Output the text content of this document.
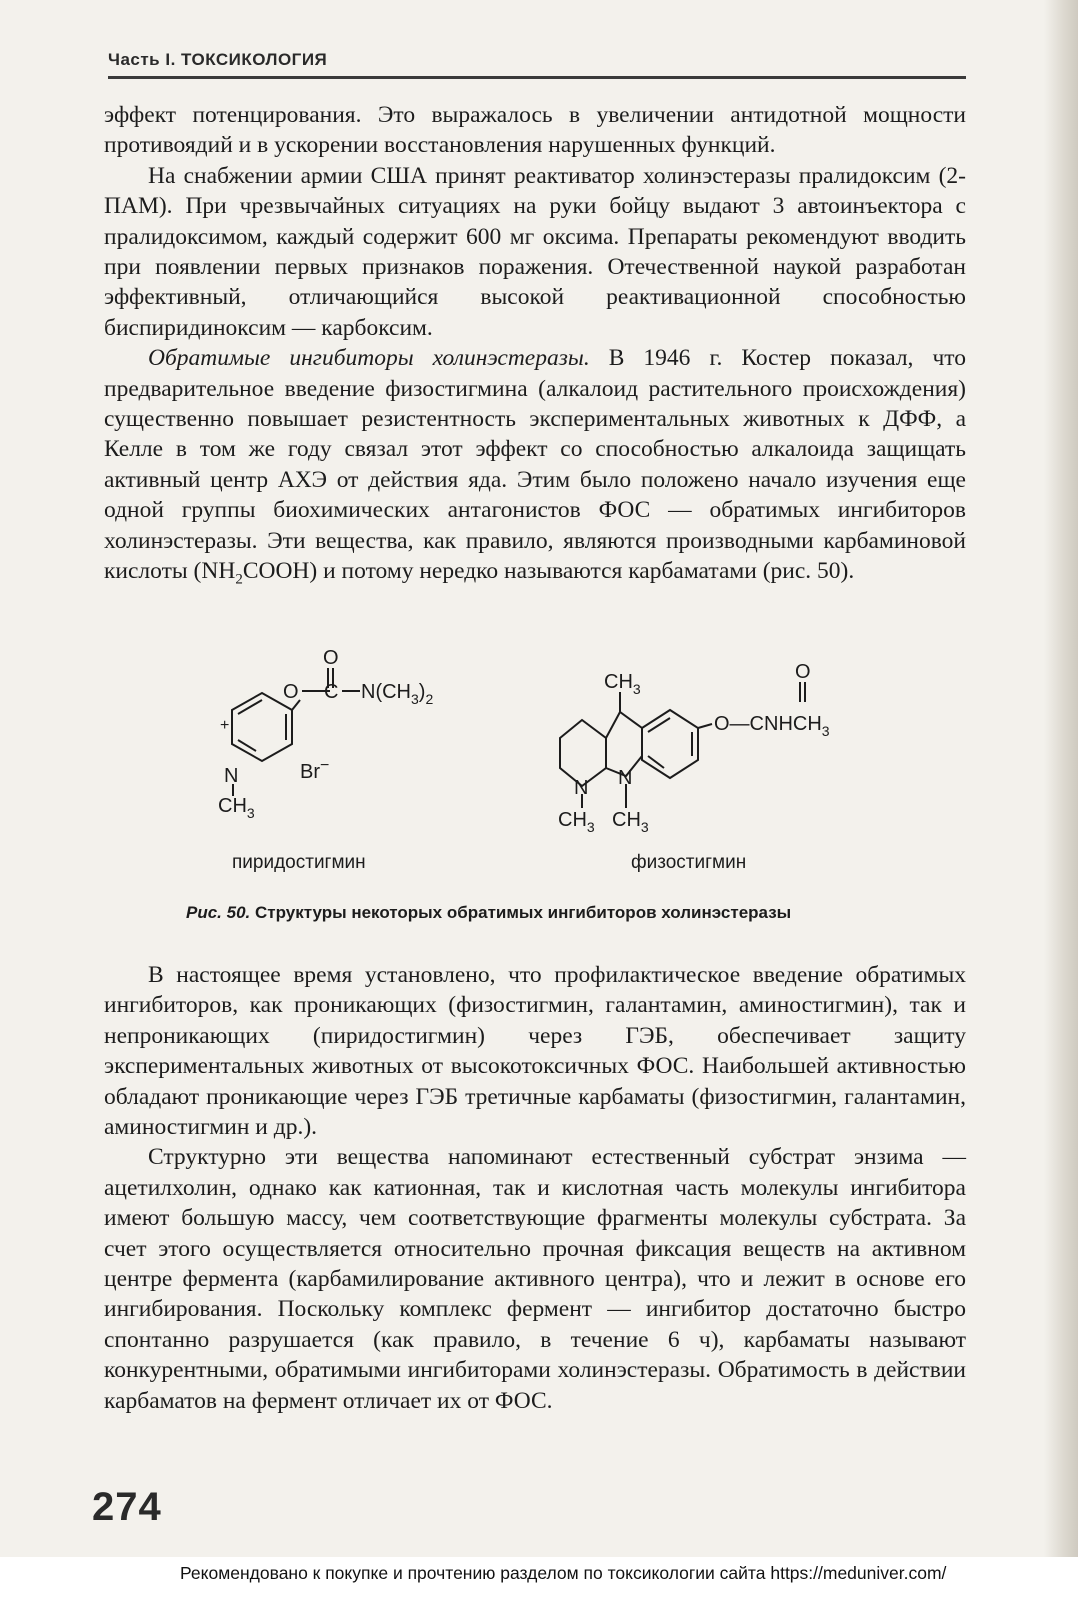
Часть I. ТОКСИКОЛОГИЯ

эффект потенцирования. Это выражалось в увеличении антидотной мощности противоядий и в ускорении восстановления нарушенных функций.

На снабжении армии США принят реактиватор холинэстеразы пралидоксим (2-ПАМ). При чрезвычайных ситуациях на руки бойцу выдают 3 автоинъектора с пралидоксимом, каждый содержит 600 мг оксима. Препараты рекомендуют вводить при появлении первых признаков поражения. Отечественной наукой разработан эффективный, отличающийся высокой реактивационной способностью биспиридиноксим — карбоксим.

Обратимые ингибиторы холинэстеразы. В 1946 г. Костер показал, что предварительное введение физостигмина (алкалоид растительного происхождения) существенно повышает резистентность экспериментальных животных к ДФФ, а Келле в том же году связал этот эффект со способностью алкалоида защищать активный центр АХЭ от действия яда. Этим было положено начало изучения еще одной группы биохимических антагонистов ФОС — обратимых ингибиторов холинэстеразы. Эти вещества, как правило, являются производными карбаминовой кислоты $(NH_2COOH)$ и потому нередко называются карбаматами (рис. 50).

O
O C $N(CH_3)_2$
+
N
$CH_3$
Br−
$CH_3$
O
$O—CNHCH_3$
N N
$CH_3$ $CH_3$
пиридостигмин	физостигмин
Рис. 50. Структуры некоторых обратимых ингибиторов холинэстеразы

В настоящее время установлено, что профилактическое введение обратимых ингибиторов, как проникающих (физостигмин, галантамин, аминостигмин), так и непроникающих (пиридостигмин) через ГЭБ, обеспечивает защиту экспериментальных животных от высокотоксичных ФОС. Наибольшей активностью обладают проникающие через ГЭБ третичные карбаматы (физостигмин, галантамин, аминостигмин и др.).

Структурно эти вещества напоминают естественный субстрат энзима — ацетилхолин, однако как катионная, так и кислотная часть молекулы ингибитора имеют большую массу, чем соответствующие фрагменты молекулы субстрата. За счет этого осуществляется относительно прочная фиксация веществ на активном центре фермента (карбамилирование активного центра), что и лежит в основе его ингибирования. Поскольку комплекс фермент — ингибитор достаточно быстро спонтанно разрушается (как правило, в течение 6 ч), карбаматы называют конкурентными, обратимыми ингибиторами холинэстеразы. Обратимость в действии карбаматов на фермент отличает их от ФОС.

274
Рекомендовано к покупке и прочтению разделом по токсикологии сайта https://meduniver.com/
